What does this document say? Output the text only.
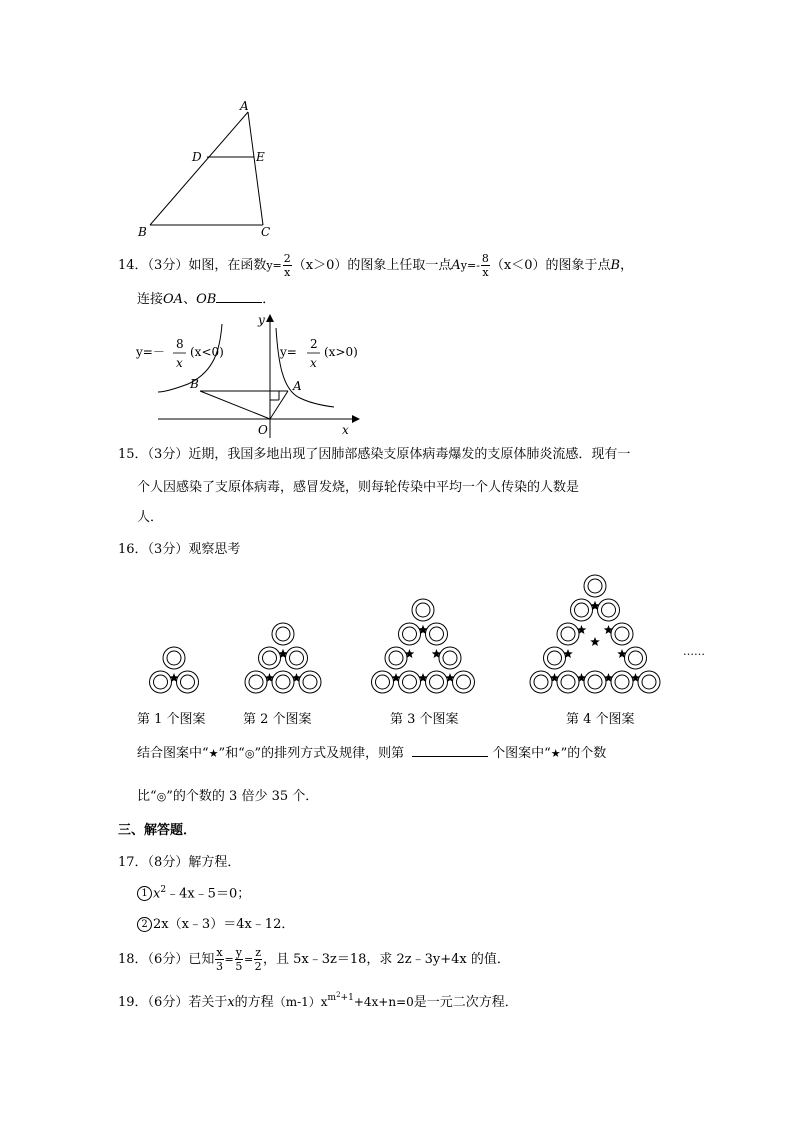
A
D	E
B	C
14．（3分）如图，在函数$y= \frac{2}{x} (x>0)$的图象上任取一点$Ay=- \frac{8}{x} (x<0)$的图象于点B，
连接OA、OB	．
y=－
8
x
(x<0)	y=
2
x
(x>0)
y
x
B	A
O
15．（3分）近期，我国多地出现了因肺部感染支原体病毒爆发的支原体肺炎流感．现有一
个人因感染了支原体病毒，感冒发烧，则每轮传染中平均一个人传染的人数是
人．
16．（3分）观察思考
第 1 个图案	第 2 个图案	第 3 个图案	第 4 个图案
……
结合图案中“★”和“◎”的排列方式及规律，则第	个图案中“★”的个数
比“◎”的个数的 3 倍少 35 个．
三、解答题．
17．（8分）解方程．
1 $x^2﹣4x﹣5=0$；
2 2x（x﹣3）＝4x﹣12．
18．（6分）已知 $\frac{x}{3} = \frac{y}{5} = \frac{z}{2}$ ，且 5x﹣3z＝18，求 2z﹣3y+4x 的值．
19．（6分）若关于x的方程$(m-1)x^{m^2+1}+4x+n=0$是一元二次方程．
